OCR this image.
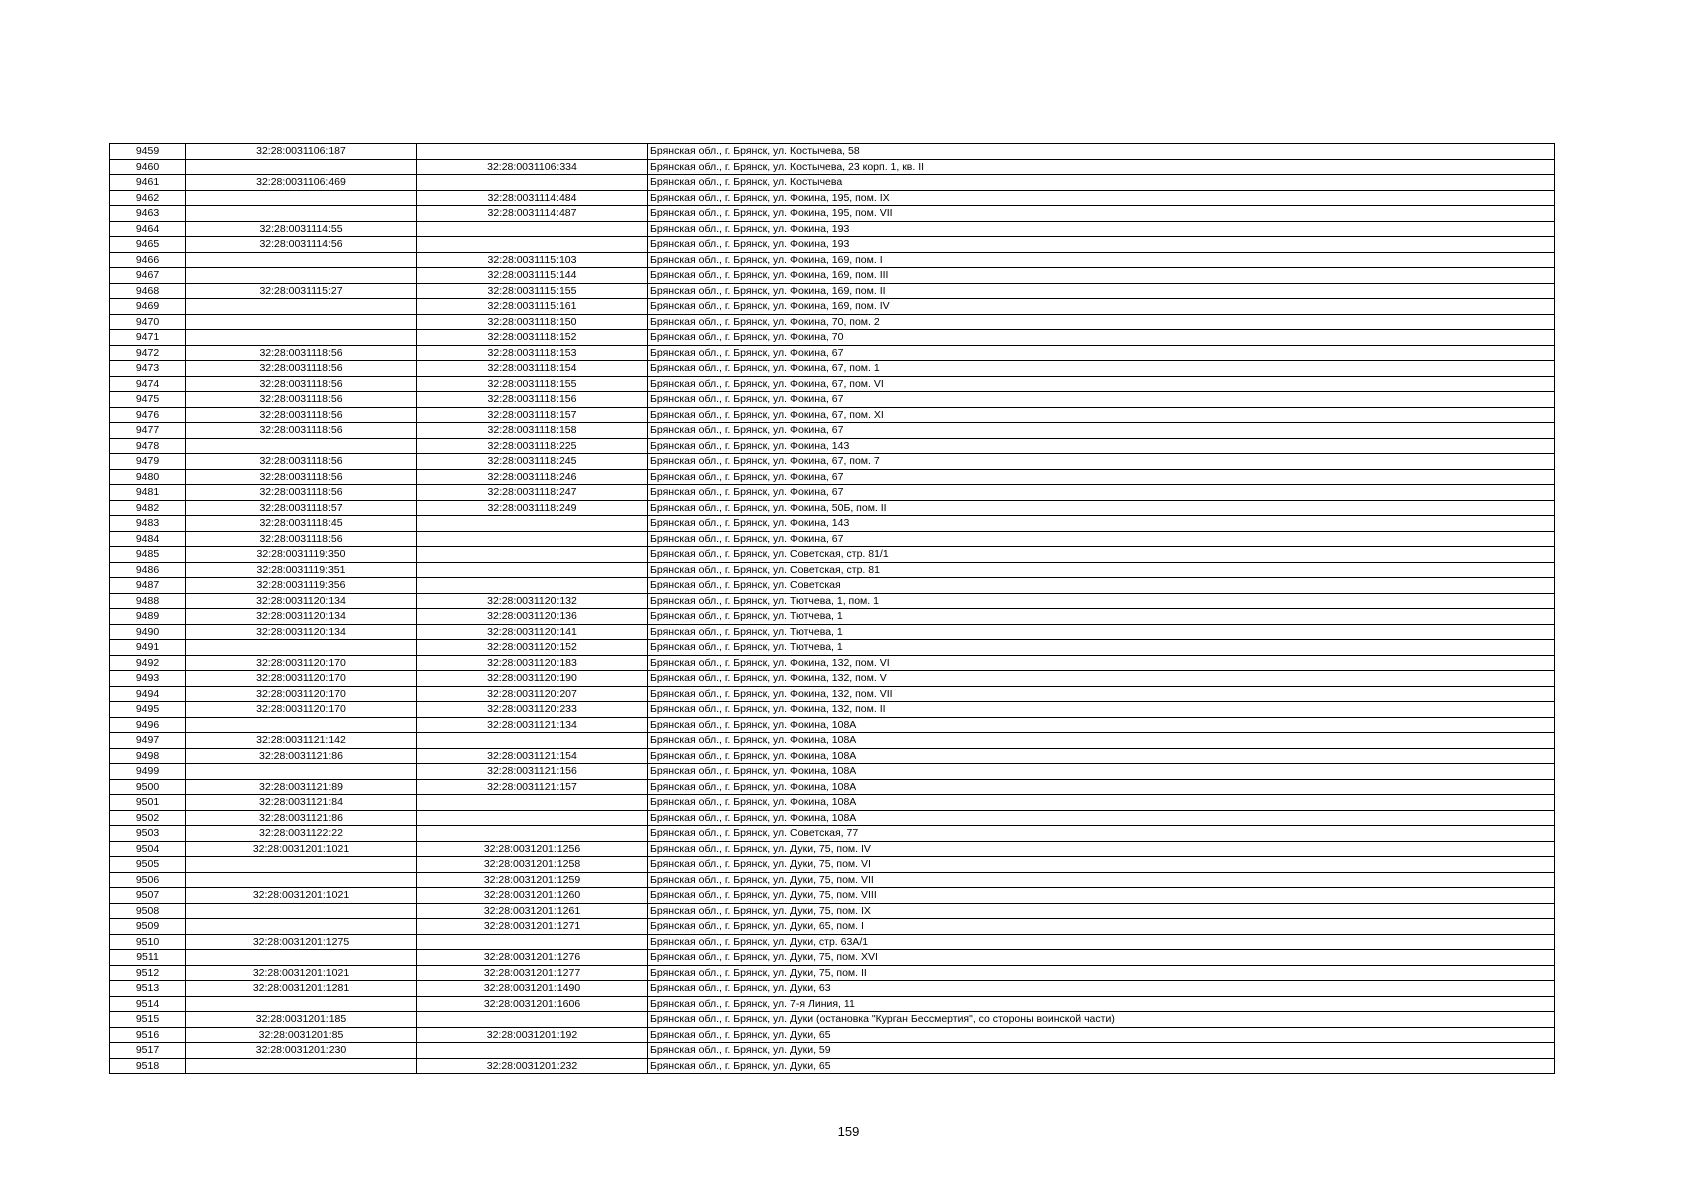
9459	32:28:0031106:187		Брянская обл., г. Брянск, ул. Костычева, 58
9460		32:28:0031106:334	Брянская обл., г. Брянск, ул. Костычева, 23 корп. 1, кв. II
9461	32:28:0031106:469		Брянская обл., г. Брянск, ул. Костычева
9462		32:28:0031114:484	Брянская обл., г. Брянск, ул. Фокина, 195, пом. IX
9463		32:28:0031114:487	Брянская обл., г. Брянск, ул. Фокина, 195, пом. VII
9464	32:28:0031114:55		Брянская обл., г. Брянск, ул. Фокина, 193
9465	32:28:0031114:56		Брянская обл., г. Брянск, ул. Фокина, 193
9466		32:28:0031115:103	Брянская обл., г. Брянск, ул. Фокина, 169, пом. I
9467		32:28:0031115:144	Брянская обл., г. Брянск, ул. Фокина, 169, пом. III
9468	32:28:0031115:27	32:28:0031115:155	Брянская обл., г. Брянск, ул. Фокина, 169, пом. II
9469		32:28:0031115:161	Брянская обл., г. Брянск, ул. Фокина, 169, пом. IV
9470		32:28:0031118:150	Брянская обл., г. Брянск, ул. Фокина, 70, пом. 2
9471		32:28:0031118:152	Брянская обл., г. Брянск, ул. Фокина, 70
9472	32:28:0031118:56	32:28:0031118:153	Брянская обл., г. Брянск, ул. Фокина, 67
9473	32:28:0031118:56	32:28:0031118:154	Брянская обл., г. Брянск, ул. Фокина, 67, пом. 1
9474	32:28:0031118:56	32:28:0031118:155	Брянская обл., г. Брянск, ул. Фокина, 67, пом. VI
9475	32:28:0031118:56	32:28:0031118:156	Брянская обл., г. Брянск, ул. Фокина, 67
9476	32:28:0031118:56	32:28:0031118:157	Брянская обл., г. Брянск, ул. Фокина, 67, пом. XI
9477	32:28:0031118:56	32:28:0031118:158	Брянская обл., г. Брянск, ул. Фокина, 67
9478		32:28:0031118:225	Брянская обл., г. Брянск, ул. Фокина, 143
9479	32:28:0031118:56	32:28:0031118:245	Брянская обл., г. Брянск, ул. Фокина, 67, пом. 7
9480	32:28:0031118:56	32:28:0031118:246	Брянская обл., г. Брянск, ул. Фокина, 67
9481	32:28:0031118:56	32:28:0031118:247	Брянская обл., г. Брянск, ул. Фокина, 67
9482	32:28:0031118:57	32:28:0031118:249	Брянская обл., г. Брянск, ул. Фокина, 50Б, пом. II
9483	32:28:0031118:45		Брянская обл., г. Брянск, ул. Фокина, 143
9484	32:28:0031118:56		Брянская обл., г. Брянск, ул. Фокина, 67
9485	32:28:0031119:350		Брянская обл., г. Брянск, ул. Советская, стр. 81/1
9486	32:28:0031119:351		Брянская обл., г. Брянск, ул. Советская, стр. 81
9487	32:28:0031119:356		Брянская обл., г. Брянск, ул. Советская
9488	32:28:0031120:134	32:28:0031120:132	Брянская обл., г. Брянск, ул. Тютчева, 1, пом. 1
9489	32:28:0031120:134	32:28:0031120:136	Брянская обл., г. Брянск, ул. Тютчева, 1
9490	32:28:0031120:134	32:28:0031120:141	Брянская обл., г. Брянск, ул. Тютчева, 1
9491		32:28:0031120:152	Брянская обл., г. Брянск, ул. Тютчева, 1
9492	32:28:0031120:170	32:28:0031120:183	Брянская обл., г. Брянск, ул. Фокина, 132, пом. VI
9493	32:28:0031120:170	32:28:0031120:190	Брянская обл., г. Брянск, ул. Фокина, 132, пом. V
9494	32:28:0031120:170	32:28:0031120:207	Брянская обл., г. Брянск, ул. Фокина, 132, пом. VII
9495	32:28:0031120:170	32:28:0031120:233	Брянская обл., г. Брянск, ул. Фокина, 132, пом. II
9496		32:28:0031121:134	Брянская обл., г. Брянск, ул. Фокина, 108А
9497	32:28:0031121:142		Брянская обл., г. Брянск, ул. Фокина, 108А
9498	32:28:0031121:86	32:28:0031121:154	Брянская обл., г. Брянск, ул. Фокина, 108А
9499		32:28:0031121:156	Брянская обл., г. Брянск, ул. Фокина, 108А
9500	32:28:0031121:89	32:28:0031121:157	Брянская обл., г. Брянск, ул. Фокина, 108А
9501	32:28:0031121:84		Брянская обл., г. Брянск, ул. Фокина, 108А
9502	32:28:0031121:86		Брянская обл., г. Брянск, ул. Фокина, 108А
9503	32:28:0031122:22		Брянская обл., г. Брянск, ул. Советская, 77
9504	32:28:0031201:1021	32:28:0031201:1256	Брянская обл., г. Брянск, ул. Дуки, 75, пом. IV
9505		32:28:0031201:1258	Брянская обл., г. Брянск, ул. Дуки, 75, пом. VI
9506		32:28:0031201:1259	Брянская обл., г. Брянск, ул. Дуки, 75, пом. VII
9507	32:28:0031201:1021	32:28:0031201:1260	Брянская обл., г. Брянск, ул. Дуки, 75, пом. VIII
9508		32:28:0031201:1261	Брянская обл., г. Брянск, ул. Дуки, 75, пом. IX
9509		32:28:0031201:1271	Брянская обл., г. Брянск, ул. Дуки, 65, пом. I
9510	32:28:0031201:1275		Брянская обл., г. Брянск, ул. Дуки, стр. 63А/1
9511		32:28:0031201:1276	Брянская обл., г. Брянск, ул. Дуки, 75, пом. XVI
9512	32:28:0031201:1021	32:28:0031201:1277	Брянская обл., г. Брянск, ул. Дуки, 75, пом. II
9513	32:28:0031201:1281	32:28:0031201:1490	Брянская обл., г. Брянск, ул. Дуки, 63
9514		32:28:0031201:1606	Брянская обл., г. Брянск, ул. 7-я Линия, 11
9515	32:28:0031201:185		Брянская обл., г. Брянск, ул. Дуки (остановка "Курган Бессмертия", со стороны воинской части)
9516	32:28:0031201:85	32:28:0031201:192	Брянская обл., г. Брянск, ул. Дуки, 65
9517	32:28:0031201:230		Брянская обл., г. Брянск, ул. Дуки, 59
9518		32:28:0031201:232	Брянская обл., г. Брянск, ул. Дуки, 65
159
